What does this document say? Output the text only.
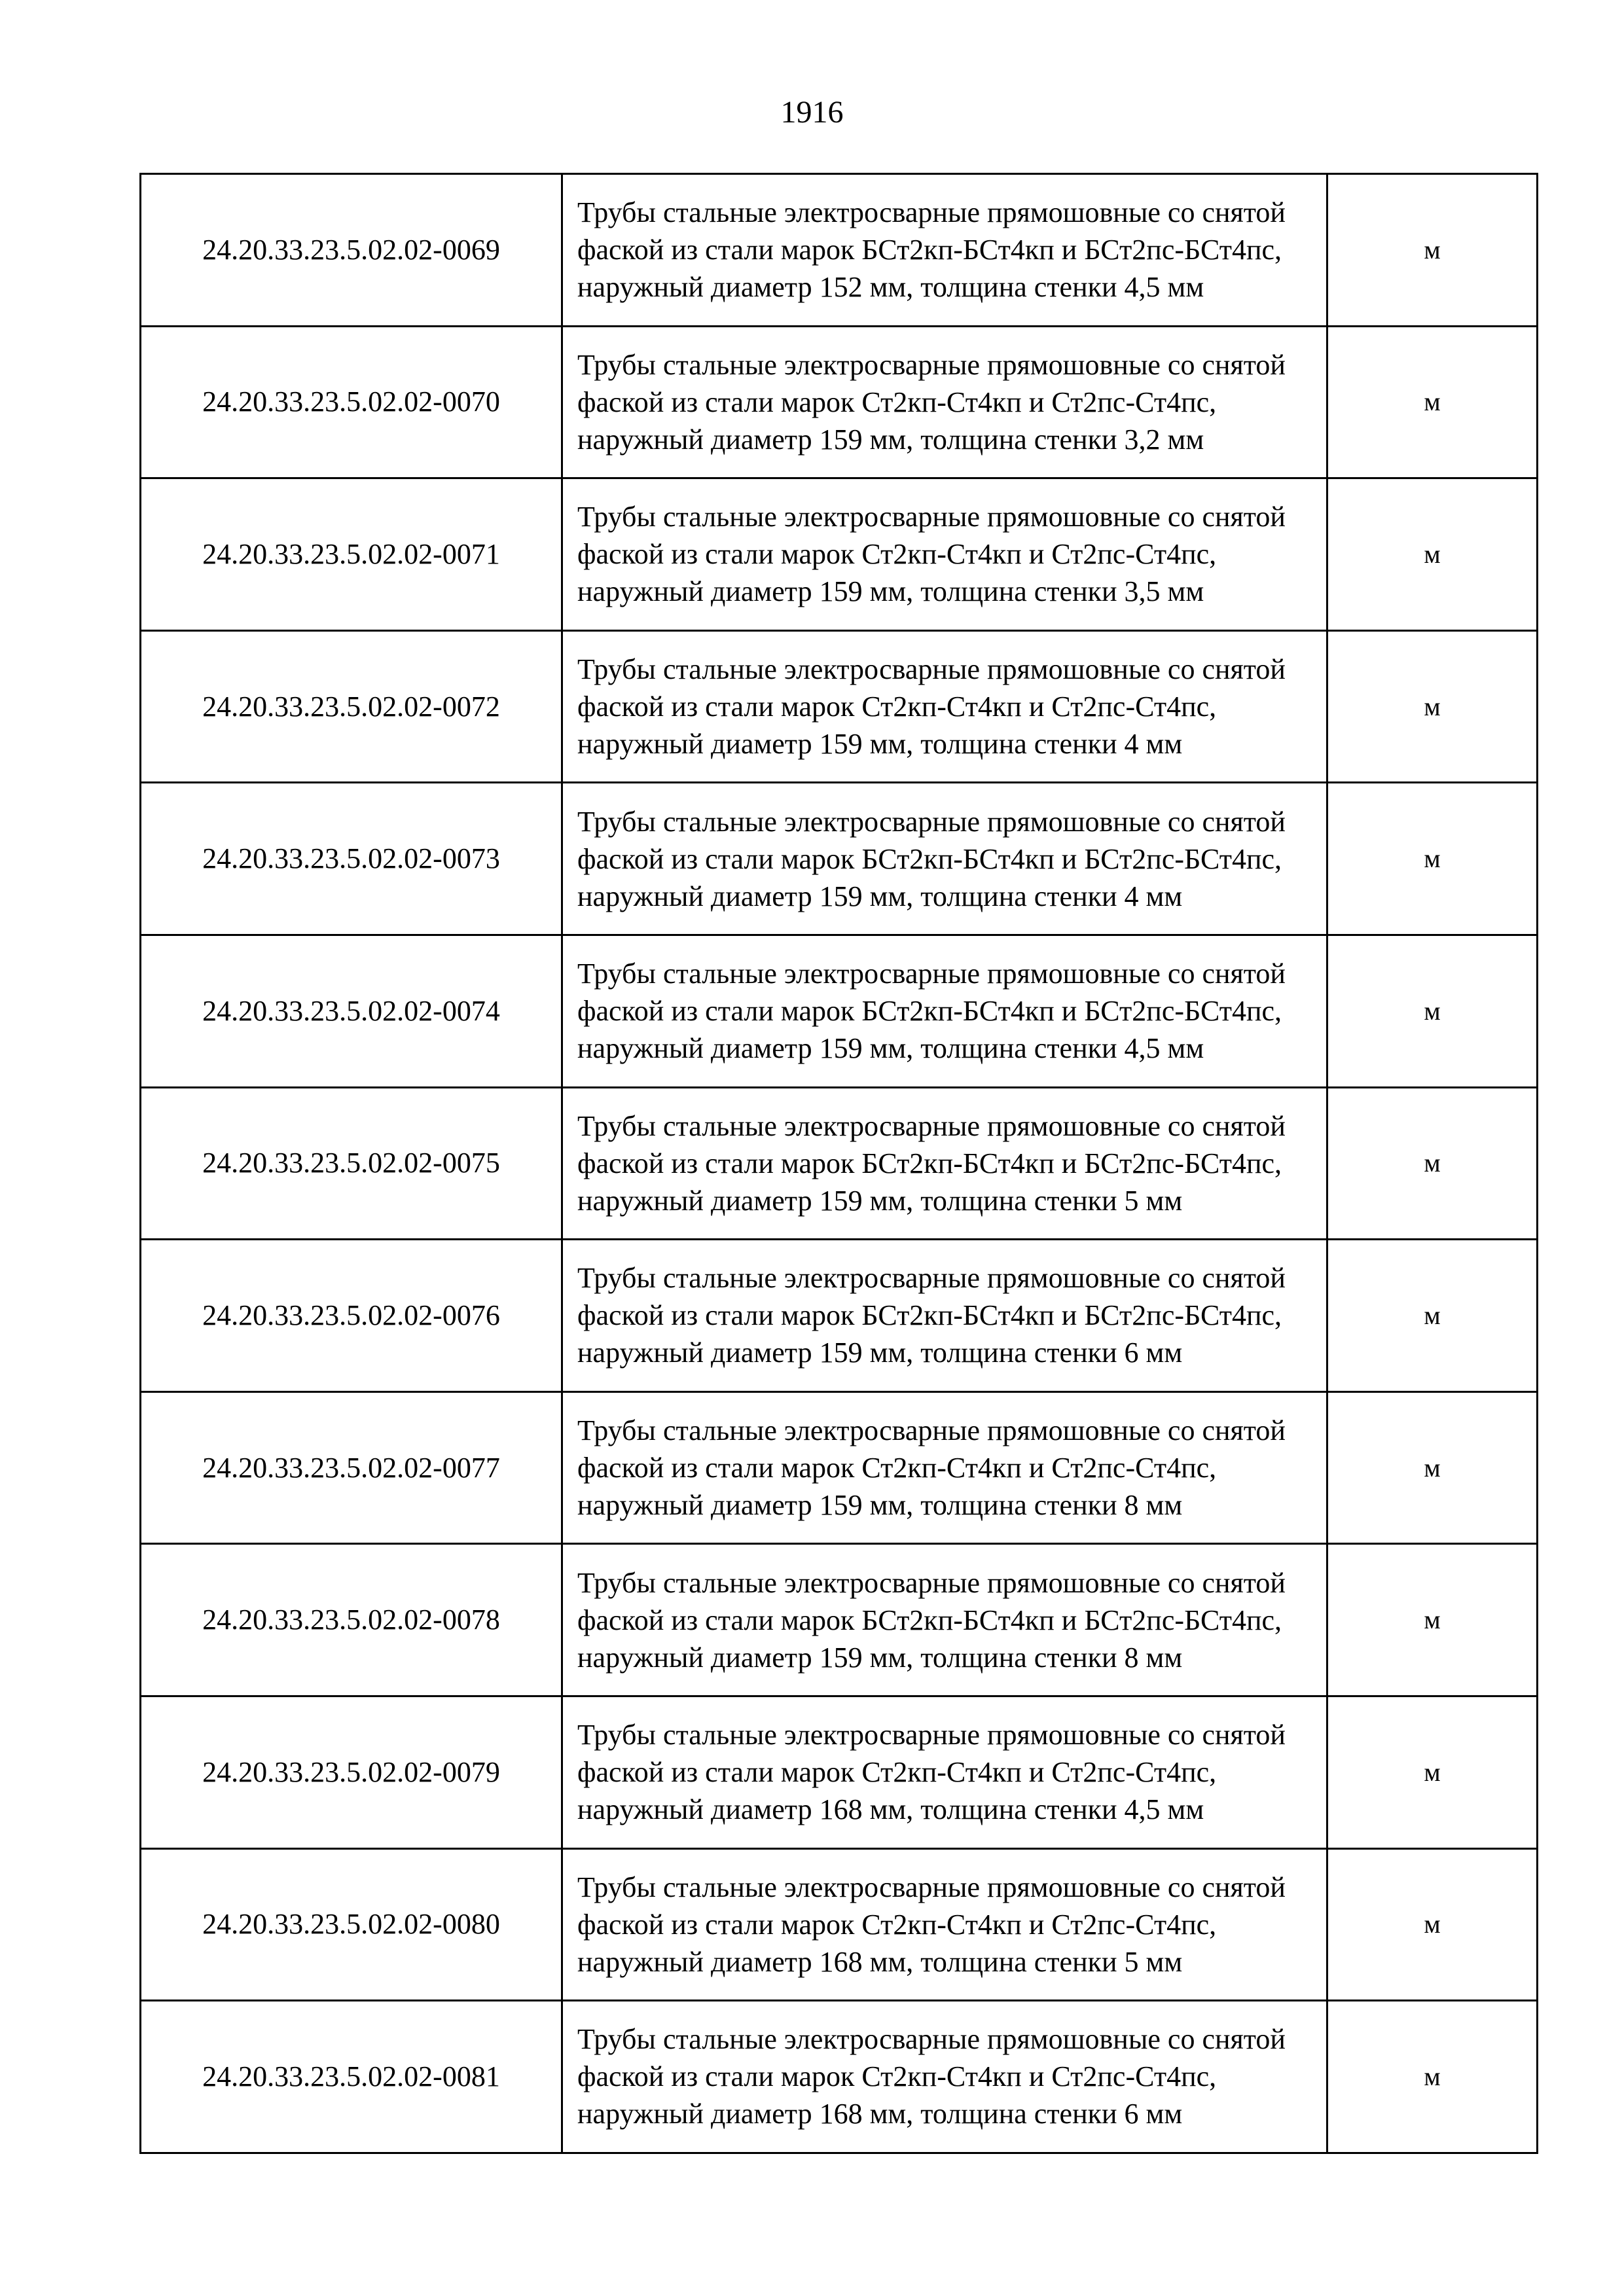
1916
24.20.33.23.5.02.02-0069	Трубы стальные электросварные прямошовные со снятой фаской из стали марок БСт2кп-БСт4кп и БСт2пс-БСт4пс, наружный диаметр 152 мм, толщина стенки 4,5 мм	м
24.20.33.23.5.02.02-0070	Трубы стальные электросварные прямошовные со снятой фаской из стали марок Ст2кп-Ст4кп и Ст2пс-Ст4пс, наружный диаметр 159 мм, толщина стенки 3,2 мм	м
24.20.33.23.5.02.02-0071	Трубы стальные электросварные прямошовные со снятой фаской из стали марок Ст2кп-Ст4кп и Ст2пс-Ст4пс, наружный диаметр 159 мм, толщина стенки 3,5 мм	м
24.20.33.23.5.02.02-0072	Трубы стальные электросварные прямошовные со снятой фаской из стали марок Ст2кп-Ст4кп и Ст2пс-Ст4пс, наружный диаметр 159 мм, толщина стенки 4 мм	м
24.20.33.23.5.02.02-0073	Трубы стальные электросварные прямошовные со снятой фаской из стали марок БСт2кп-БСт4кп и БСт2пс-БСт4пс, наружный диаметр 159 мм, толщина стенки 4 мм	м
24.20.33.23.5.02.02-0074	Трубы стальные электросварные прямошовные со снятой фаской из стали марок БСт2кп-БСт4кп и БСт2пс-БСт4пс, наружный диаметр 159 мм, толщина стенки 4,5 мм	м
24.20.33.23.5.02.02-0075	Трубы стальные электросварные прямошовные со снятой фаской из стали марок БСт2кп-БСт4кп и БСт2пс-БСт4пс, наружный диаметр 159 мм, толщина стенки 5 мм	м
24.20.33.23.5.02.02-0076	Трубы стальные электросварные прямошовные со снятой фаской из стали марок БСт2кп-БСт4кп и БСт2пс-БСт4пс, наружный диаметр 159 мм, толщина стенки 6 мм	м
24.20.33.23.5.02.02-0077	Трубы стальные электросварные прямошовные со снятой фаской из стали марок Ст2кп-Ст4кп и Ст2пс-Ст4пс, наружный диаметр 159 мм, толщина стенки 8 мм	м
24.20.33.23.5.02.02-0078	Трубы стальные электросварные прямошовные со снятой фаской из стали марок БСт2кп-БСт4кп и БСт2пс-БСт4пс, наружный диаметр 159 мм, толщина стенки 8 мм	м
24.20.33.23.5.02.02-0079	Трубы стальные электросварные прямошовные со снятой фаской из стали марок Ст2кп-Ст4кп и Ст2пс-Ст4пс, наружный диаметр 168 мм, толщина стенки 4,5 мм	м
24.20.33.23.5.02.02-0080	Трубы стальные электросварные прямошовные со снятой фаской из стали марок Ст2кп-Ст4кп и Ст2пс-Ст4пс, наружный диаметр 168 мм, толщина стенки 5 мм	м
24.20.33.23.5.02.02-0081	Трубы стальные электросварные прямошовные со снятой фаской из стали марок Ст2кп-Ст4кп и Ст2пс-Ст4пс, наружный диаметр 168 мм, толщина стенки 6 мм	м
